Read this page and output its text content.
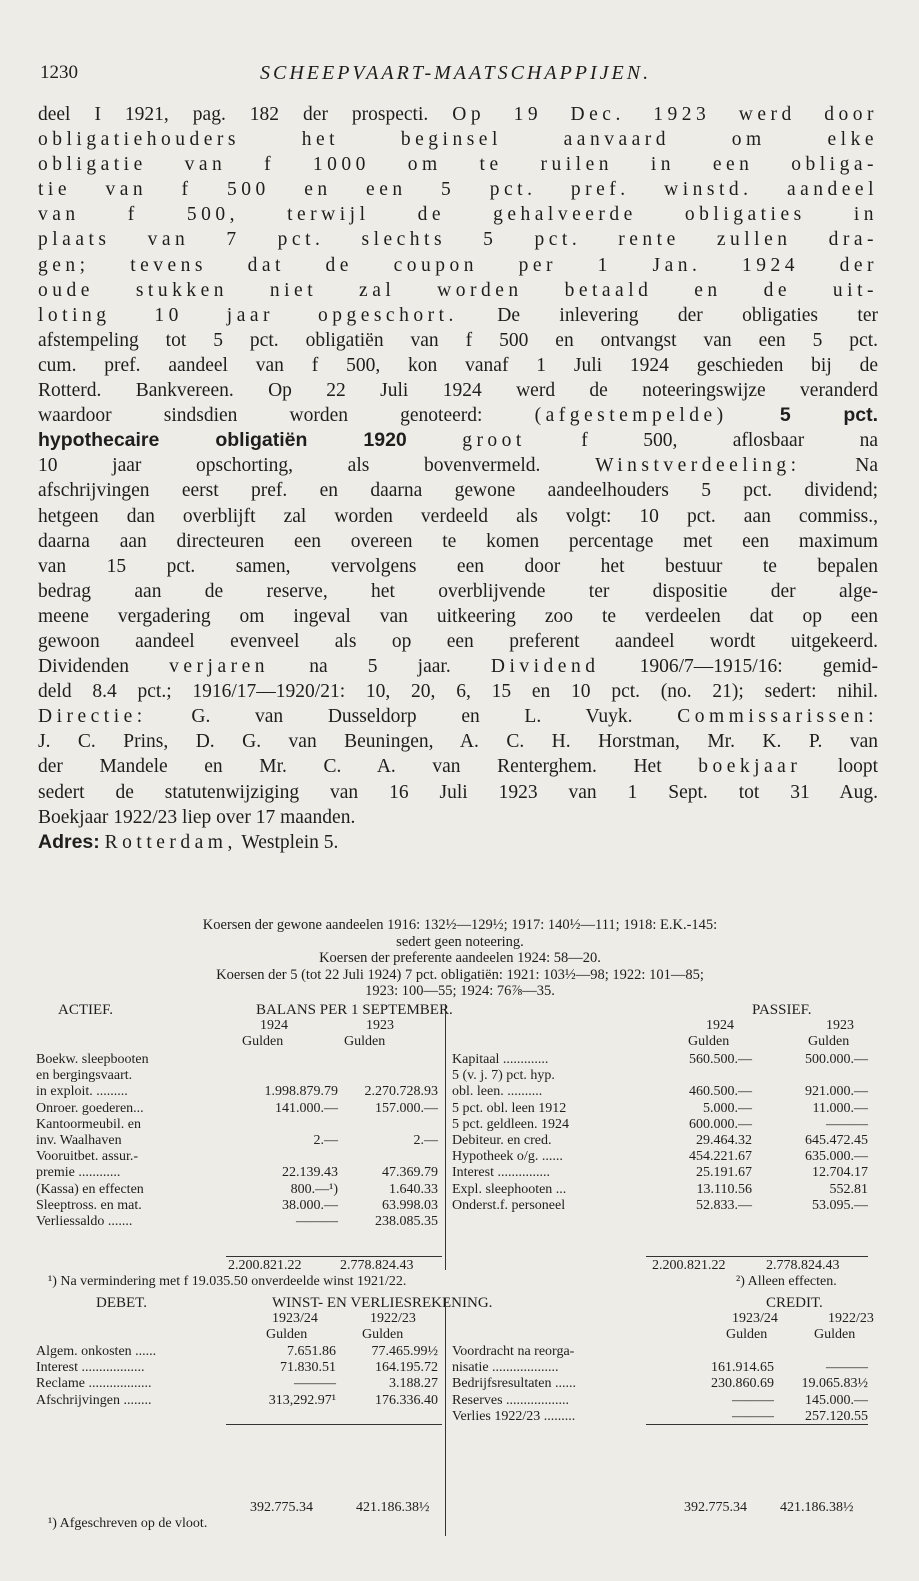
1230	SCHEEPVAART-MAATSCHAPPIJEN.
deel I 1921, pag. 182 der prospecti. Op 19 Dec. 1923 werd door
obligatiehouders het beginsel aanvaard om elke
obligatie van f 1000 om te ruilen in een obliga-
tie van f 500 en een 5 pct. pref. winstd. aandeel
van f 500, terwijl de gehalveerde obligaties in
plaats van 7 pct. slechts 5 pct. rente zullen dra-
gen; tevens dat de coupon per 1 Jan. 1924 der
oude stukken niet zal worden betaald en de uit-
loting 10 jaar opgeschort. De inlevering der obligaties ter
afstempeling tot 5 pct. obligatiën van f 500 en ontvangst van een 5 pct.
cum. pref. aandeel van f 500, kon vanaf 1 Juli 1924 geschieden bij de
Rotterd. Bankvereen. Op 22 Juli 1924 werd de noteeringswijze veranderd
waardoor sindsdien worden genoteerd:	(afgestempelde)	5 pct.
hypothecaire obligatiën 1920	groot	f 500, aflosbaar na
10 jaar opschorting, als bovenvermeld.	Winstverdeeling:	Na
afschrijvingen eerst pref. en daarna gewone aandeelhouders 5 pct. dividend;
hetgeen dan overblijft zal worden verdeeld als volgt: 10 pct. aan commiss.,
daarna aan directeuren een overeen te komen percentage met een maximum
van 15 pct. samen, vervolgens een door het bestuur te bepalen
bedrag aan de reserve, het overblijvende ter dispositie der alge-
meene vergadering om ingeval van uitkeering zoo te verdeelen dat op een
gewoon aandeel evenveel als op een preferent aandeel wordt uitgekeerd.
Dividenden verjaren na 5 jaar. Dividend 1906/7—1915/16: gemid-
deld 8.4 pct.; 1916/17—1920/21: 10, 20, 6, 15 en 10 pct. (no. 21); sedert: nihil.
Directie: G. van Dusseldorp en L. Vuyk. Commissarissen:
J. C. Prins, D. G. van Beuningen, A. C. H. Horstman, Mr. K. P. van
der Mandele en Mr. C. A. van Renterghem. Het boekjaar loopt
sedert de statutenwijziging van 16 Juli 1923 van 1 Sept. tot 31 Aug.
Boekjaar 1922/23 liep over 17 maanden.
Adres: Rotterdam, Westplein 5.
Koersen der gewone aandeelen 1916: 132½—129½; 1917: 140½—111; 1918: E.K.-145:
sedert geen noteering.
Koersen der preferente aandeelen 1924: 58—20.
Koersen der 5 (tot 22 Juli 1924) 7 pct. obligatiën: 1921: 103½—98; 1922: 101—85;
1923: 100—55; 1924: 76⅞—35.
ACTIEF.	BALANS PER 1 SEPTEMBER.	PASSIEF.
1924	1923
Gulden	Gulden
1924	1923
Gulden	Gulden
Boekw. sleepbooten
en bergingsvaart.
in exploit. .........	1.998.879.79 2.270.728.93
Onroer. goederen...	141.000.—	157.000.—
Kantoormeubil. en
inv. Waalhaven	2.—	2.—
Vooruitbet. assur.-
premie ............	22.139.43	47.369.79
(Kassa) en effecten	800.—¹)	1.640.33
Sleeptross. en mat.	38.000.—	63.998.03
Verliessaldo .......	———	238.085.35
Kapitaal .............	560.500.—	500.000.—
5 (v. j. 7) pct. hyp.
obl. leen. ..........	460.500.—	921.000.—
5 pct. obl. leen 1912	5.000.—	11.000.—
5 pct. geldleen. 1924	600.000.—	———
Debiteur. en cred.	29.464.32	645.472.45
Hypotheek o/g. ......	454.221.67	635.000.—
Interest ...............	25.191.67	12.704.17
Expl. sleephooten ...	13.110.56	552.81
Onderst.f. personeel	52.833.—	53.095.—
2.200.821.22	2.778.824.43	2.200.821.22	2.778.824.43
¹) Na vermindering met f 19.035.50 onverdeelde winst 1921/22.	²) Alleen effecten.
DEBET.	WINST- EN VERLIESREKENING.	CREDIT.
1923/24	1922/23
Gulden	Gulden
1923/24	1922/23
Gulden	Gulden
Algem. onkosten ......	7.651.86	77.465.99½
Interest ..................	71.830.51	164.195.72
Reclame ..................	———	3.188.27
Afschrijvingen ........	313,292.97¹	176.336.40
Voordracht na reorga-
nisatie ...................	161.914.65	———
Bedrijfsresultaten ......	230.860.69 19.065.83½
Reserves ..................	——— 145.000.—
Verlies 1922/23 .........	——— 257.120.55
392.775.34	421.186.38½	392.775.34 421.186.38½
¹) Afgeschreven op de vloot.
